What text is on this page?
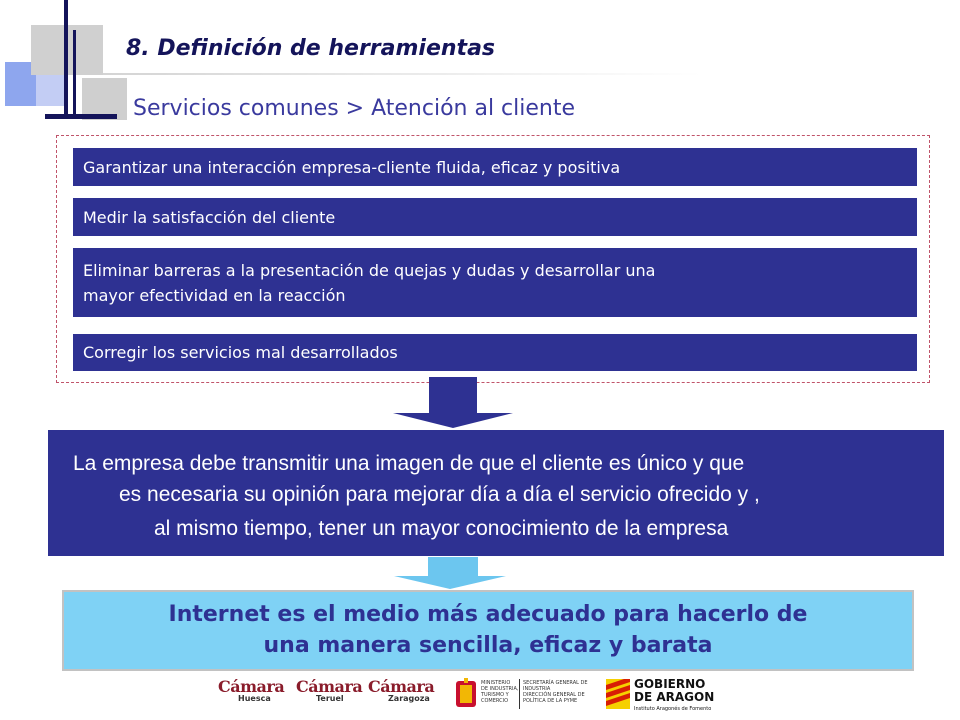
8. Definición de herramientas
Servicios comunes > Atención al cliente
Garantizar una interacción empresa-cliente fluida, eficaz y positiva
Medir la satisfacción del cliente
Eliminar barreras a la presentación de quejas y dudas y desarrollar una
mayor efectividad en la reacción
Corregir los servicios mal desarrollados
La empresa debe transmitir una imagen de que el cliente es único y que
es necesaria su opinión para mejorar día a día el servicio ofrecido y ,
al mismo tiempo, tener un mayor conocimiento de la empresa
Internet es el medio más adecuado para hacerlo de
una manera sencilla, eficaz y barata
Cámara
Huesca
Cámara
Teruel
Cámara
Zaragoza
MINISTERIO
DE INDUSTRIA,
TURISMO Y
COMERCIO
SECRETARÍA GENERAL DE
INDUSTRIA
DIRECCIÓN GENERAL DE
POLÍTICA DE LA PYME
GOBIERNO
DE ARAGON
Instituto Aragonés de Fomento
